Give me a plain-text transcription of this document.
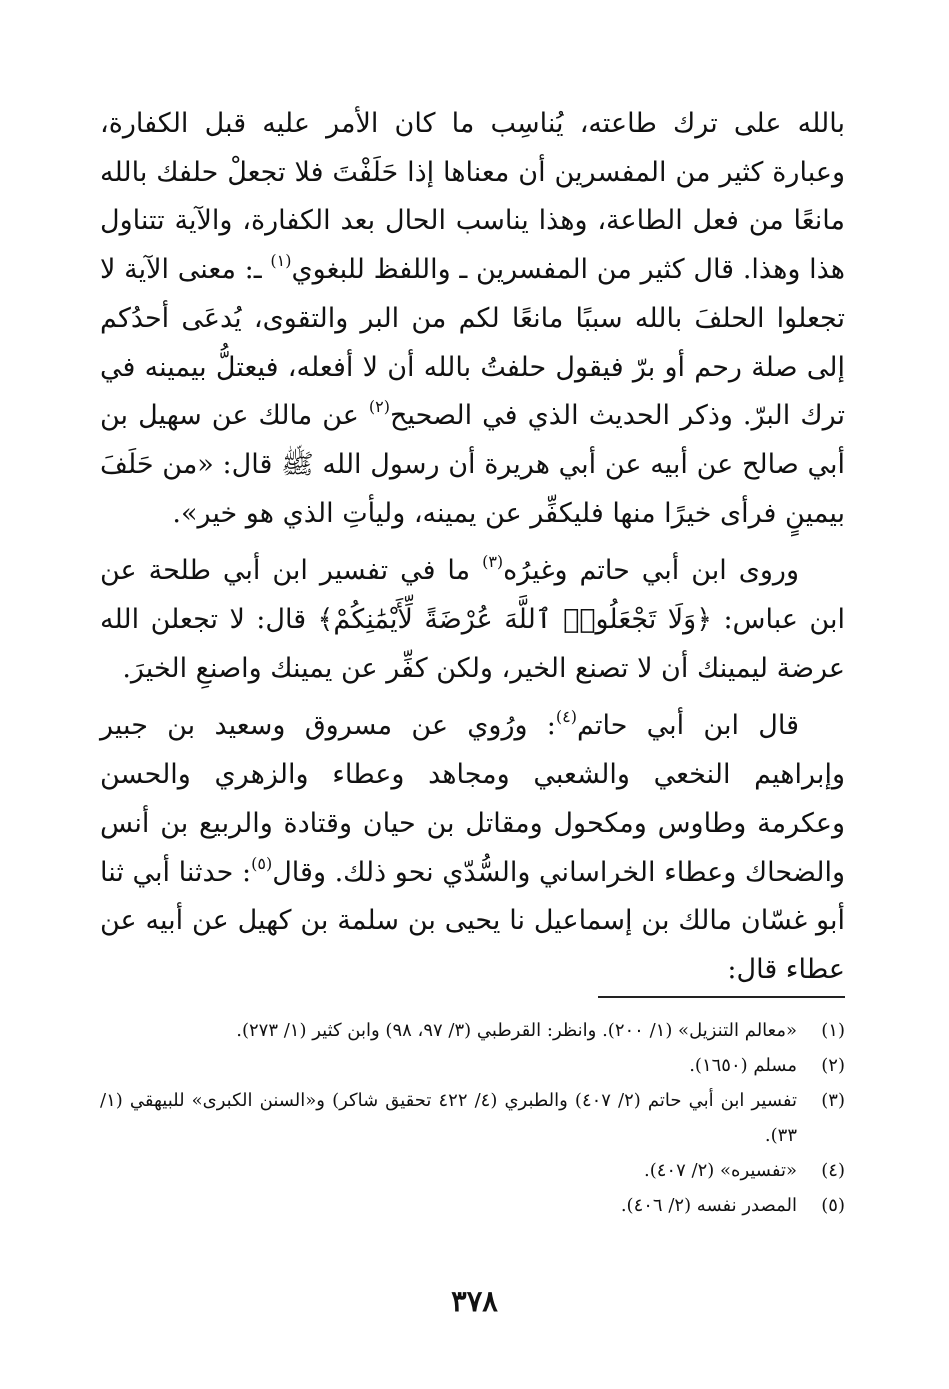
بالله على ترك طاعته، يُناسِب ما كان الأمر عليه قبل الكفارة، وعبارة كثير من المفسرين أن معناها إذا حَلَفْتَ فلا تجعلْ حلفك بالله مانعًا من فعل الطاعة، وهذا يناسب الحال بعد الكفارة، والآية تتناول هذا وهذا. قال كثير من المفسرين ـ واللفظ للبغوي$^{(١)}$ ـ: معنى الآية لا تجعلوا الحلفَ بالله سببًا مانعًا لكم من البر والتقوى، يُدعَى أحدُكم إلى صلة رحم أو برّ فيقول حلفتُ بالله أن لا أفعله، فيعتلُّ بيمينه في ترك البرّ. وذكر الحديث الذي في الصحيح$^{(٢)}$ عن مالك عن سهيل بن أبي صالح عن أبيه عن أبي هريرة أن رسول الله ﷺ قال: «من حَلَفَ بيمينٍ فرأى خيرًا منها فليكفِّر عن يمينه، وليأتِ الذي هو خير».

وروى ابن أبي حاتم وغيرُه$^{(٣)}$ ما في تفسير ابن أبي طلحة عن ابن عباس: ﴿وَلَا تَجْعَلُوا۟ ٱللَّهَ عُرْضَةً لِّأَيْمَٰنِكُمْ﴾ قال: لا تجعلن الله عرضة ليمينك أن لا تصنع الخير، ولكن كفِّر عن يمينك واصنعِ الخيرَ.

قال ابن أبي حاتم$^{(٤)}$: ورُوي عن مسروق وسعيد بن جبير وإبراهيم النخعي والشعبي ومجاهد وعطاء والزهري والحسن وعكرمة وطاوس ومكحول ومقاتل بن حيان وقتادة والربيع بن أنس والضحاك وعطاء الخراساني والسُّدّي نحو ذلك. وقال$^{(٥)}$: حدثنا أبي ثنا أبو غسّان مالك بن إسماعيل نا يحيى بن سلمة بن كهيل عن أبيه عن عطاء قال:

(١)
«معالم التنزيل» (١/ ٢٠٠). وانظر: القرطبي (٣/ ٩٧، ٩٨) وابن كثير (١/ ٢٧٣).
(٢)
مسلم (١٦٥٠).
(٣)
تفسير ابن أبي حاتم (٢/ ٤٠٧) والطبري (٤/ ٤٢٢ تحقيق شاكر) و«السنن الكبرى» للبيهقي (١/ ٣٣).
(٤)
«تفسيره» (٢/ ٤٠٧).
(٥)
المصدر نفسه (٢/ ٤٠٦).
٣٧٨
